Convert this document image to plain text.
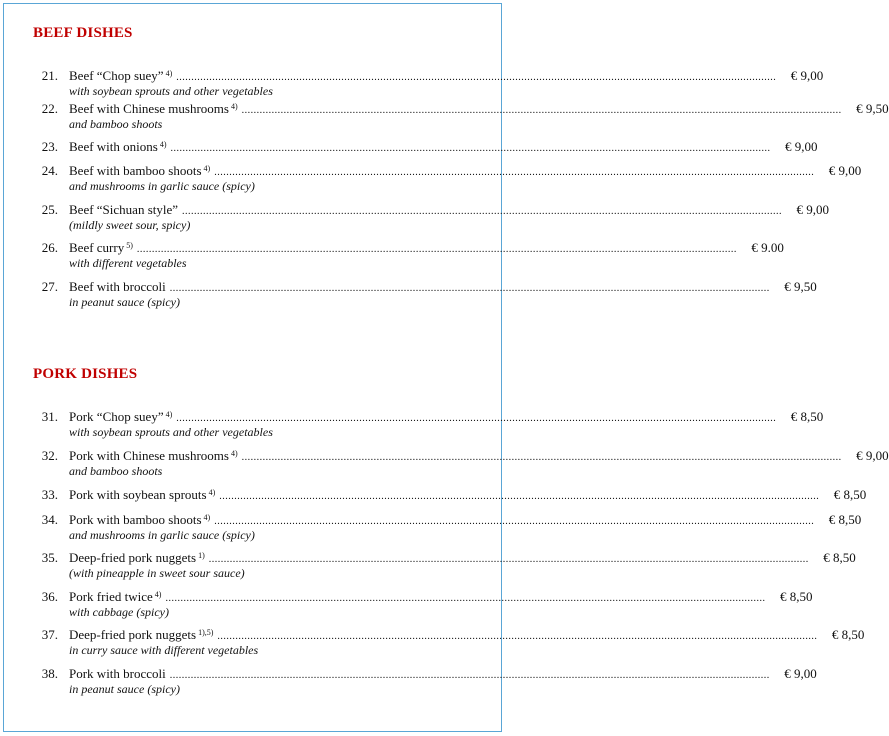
BEEF DISHES
21. Beef “Chop suey” $^{4)}$ ........................................................................................................................................................................................................	€ 9,00
with soybean sprouts and other vegetables
22. Beef with Chinese mushrooms $^{4)}$ ........................................................................................................................................................................................................	€ 9,50
and bamboo shoots
23. Beef with onions $^{4)}$ ........................................................................................................................................................................................................	€ 9,00
24. Beef with bamboo shoots $^{4)}$ ........................................................................................................................................................................................................	€ 9,00
and mushrooms in garlic sauce (spicy)
25. Beef “Sichuan style” ........................................................................................................................................................................................................	€ 9,00
(mildly sweet sour, spicy)
26. Beef curry $^{5)}$ ........................................................................................................................................................................................................	€ 9.00
with different vegetables
27. Beef with broccoli ........................................................................................................................................................................................................	€ 9,50
in peanut sauce (spicy)
PORK DISHES
31. Pork “Chop suey” $^{4)}$ ........................................................................................................................................................................................................	€ 8,50
with soybean sprouts and other vegetables
32. Pork with Chinese mushrooms $^{4)}$ ........................................................................................................................................................................................................	€ 9,00
and bamboo shoots
33. Pork with soybean sprouts $^{4)}$ ........................................................................................................................................................................................................	€ 8,50
34. Pork with bamboo shoots $^{4)}$ ........................................................................................................................................................................................................	€ 8,50
and mushrooms in garlic sauce (spicy)
35. Deep-fried pork nuggets $^{1)}$ ........................................................................................................................................................................................................	€ 8,50
(with pineapple in sweet sour sauce)
36. Pork fried twice $^{4)}$ ........................................................................................................................................................................................................	€ 8,50
with cabbage (spicy)
37. Deep-fried pork nuggets $^{1),5)}$ ........................................................................................................................................................................................................	€ 8,50
in curry sauce with different vegetables
38. Pork with broccoli ........................................................................................................................................................................................................	€ 9,00
in peanut sauce (spicy)
